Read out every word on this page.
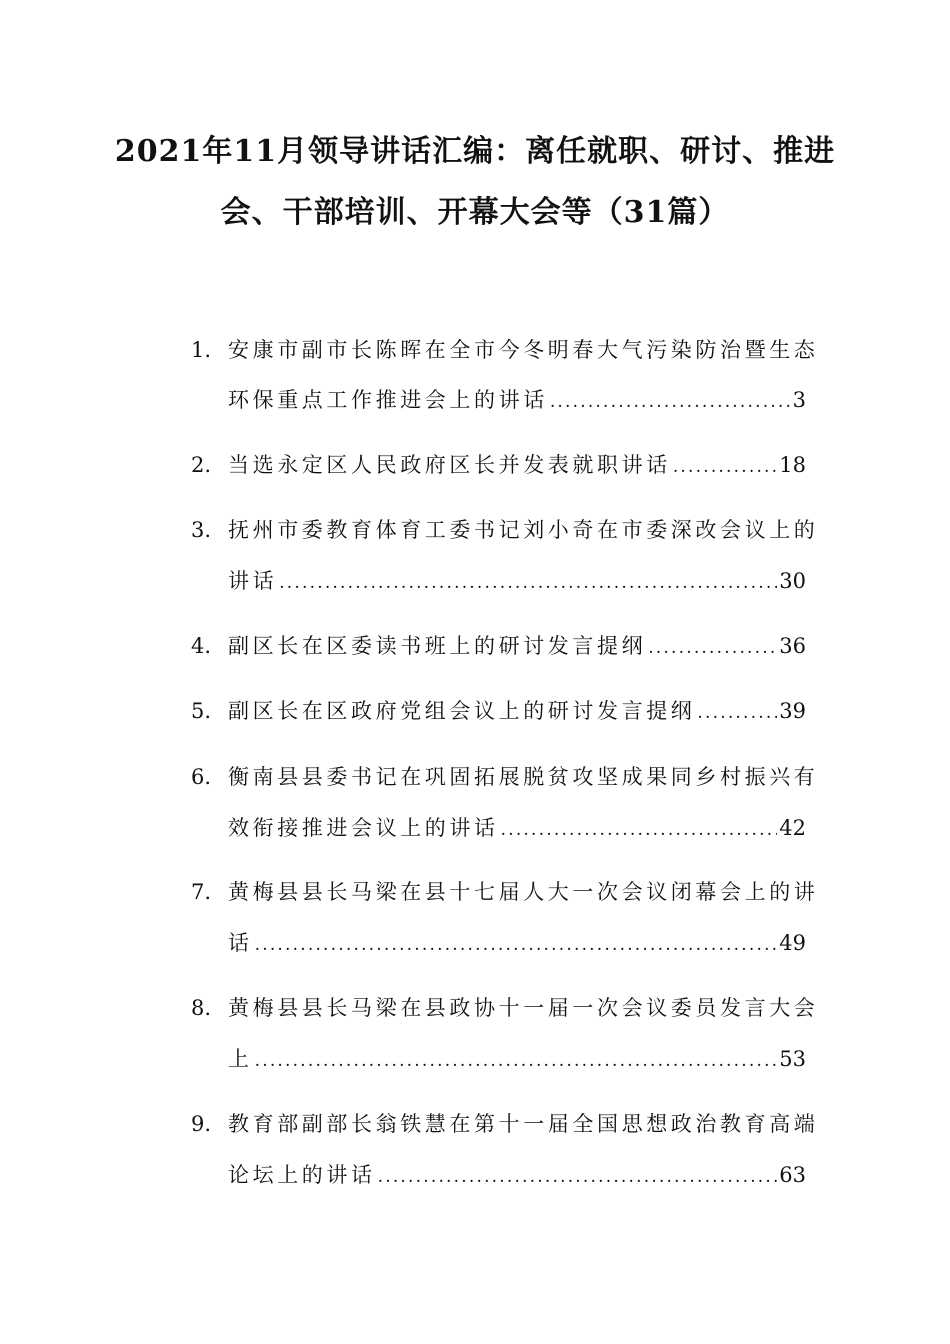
2021年11月领导讲话汇编：离任就职、研讨、推进
会、干部培训、开幕大会等（31篇）
1. 安康市副市长陈晖在全市今冬明春大气污染防治暨生态
环保重点工作推进会上的讲话 .....	3
2. 当选永定区人民政府区长并发表就职讲话 .....	18
3. 抚州市委教育体育工委书记刘小奇在市委深改会议上的
讲话 .....	30
4. 副区长在区委读书班上的研讨发言提纲 .....	36
5. 副区长在区政府党组会议上的研讨发言提纲 .....	39
6. 衡南县县委书记在巩固拓展脱贫攻坚成果同乡村振兴有
效衔接推进会议上的讲话 .....	42
7. 黄梅县县长马梁在县十七届人大一次会议闭幕会上的讲
话 .....	49
8. 黄梅县县长马梁在县政协十一届一次会议委员发言大会
上 .....	53
9. 教育部副部长翁铁慧在第十一届全国思想政治教育高端
论坛上的讲话 .....	63
